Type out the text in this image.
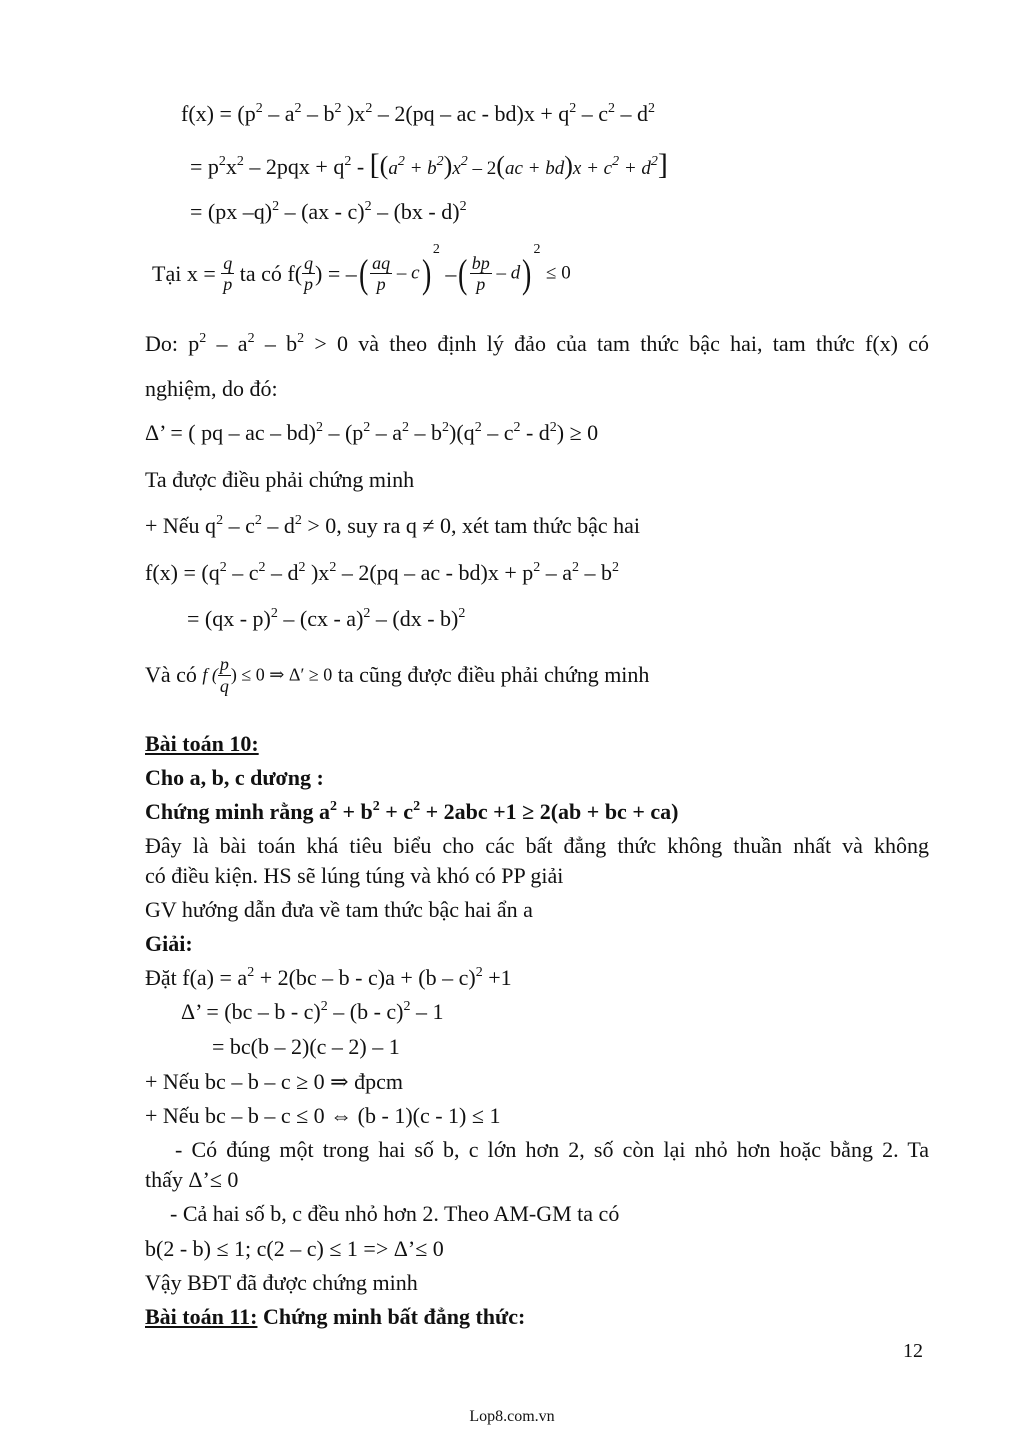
$f(x) = (p^2 - a^2 - b^2$ )$x^2 - 2(pq$ – ac - $bd)x + q^2 - c^2 - d^2$
= $p^2x^2 - 2pqx + q^2 - [(a^2 + b^2)x^2 - 2(ac + bd)x + c^2 + d^2]$
= (px –q)$^2$ – (ax - c)$^2$ – (bx - d)$^2$
Tại $x = \frac{q}{p}$ ta có $f( \frac{q}{p}$ ) = –( $\frac{aq}{p} - c)^2$ –( $\frac{bp}{p} - d)^2 \le 0$
Do: $p^2 - a^2 - b^2 > 0$ và theo định lý đảo của tam thức bậc hai, tam thức f(x) có
nghiệm, do đó:
Δ’ = ( pq – ac – $bd)^2 - (p^2 - a^2 - b^2)(q^2 - c^2 - d^2) \ge 0$
Ta được điều phải chứng minh
+ Nếu $q^2 - c^2 - d^2 > 0$, suy ra q ≠ 0, xét tam thức bậc hai
$f(x) = (q^2 - c^2 - d^2$ )$x^2 - 2(pq$ – ac - $bd)x + p^2 - a^2 - b^2$
= (qx - p)$^2$ – (cx - a)$^2$ – (dx - b)$^2$
Và có f ( $\frac{p}{q}$ ) ≤ 0 ⇒ Δ′ ≥ 0 ta cũng được điều phải chứng minh
Bài toán 10:
Cho a, b, c dương :
Chứng minh rằng $a^2 + b^2 + c^2 + 2abc +1 \ge 2(ab$ + bc + ca)
Đây là bài toán khá tiêu biểu cho các bất đẳng thức không thuần nhất và không
có điều kiện. HS sẽ lúng túng và khó có PP giải
GV hướng dẫn đưa về tam thức bậc hai ẩn a
Giải:
Đặt $f(a) = a^2 + 2(bc - b - c)a + (b - c)^2 +1$
Δ’ = (bc – b - c)$^2$ – (b - c)$^2$ – 1
= bc(b – 2)(c – 2) – 1
+ Nếu bc – b – c ≥ 0 ⇒ đpcm
+ Nếu bc – b – c ≤ 0 ⇔ (b - 1)(c - 1) ≤ 1
- Có đúng một trong hai số b, c lớn hơn 2, số còn lại nhỏ hơn hoặc bằng 2. Ta
thấy Δ’≤ 0
- Cả hai số b, c đều nhỏ hơn 2. Theo AM-GM ta có
b(2 - b) ≤ 1; c(2 – c) ≤ 1 => Δ’≤ 0
Vậy BĐT đã được chứng minh
Bài toán 11: Chứng minh bất đẳng thức:
12
Lop8.com.vn
